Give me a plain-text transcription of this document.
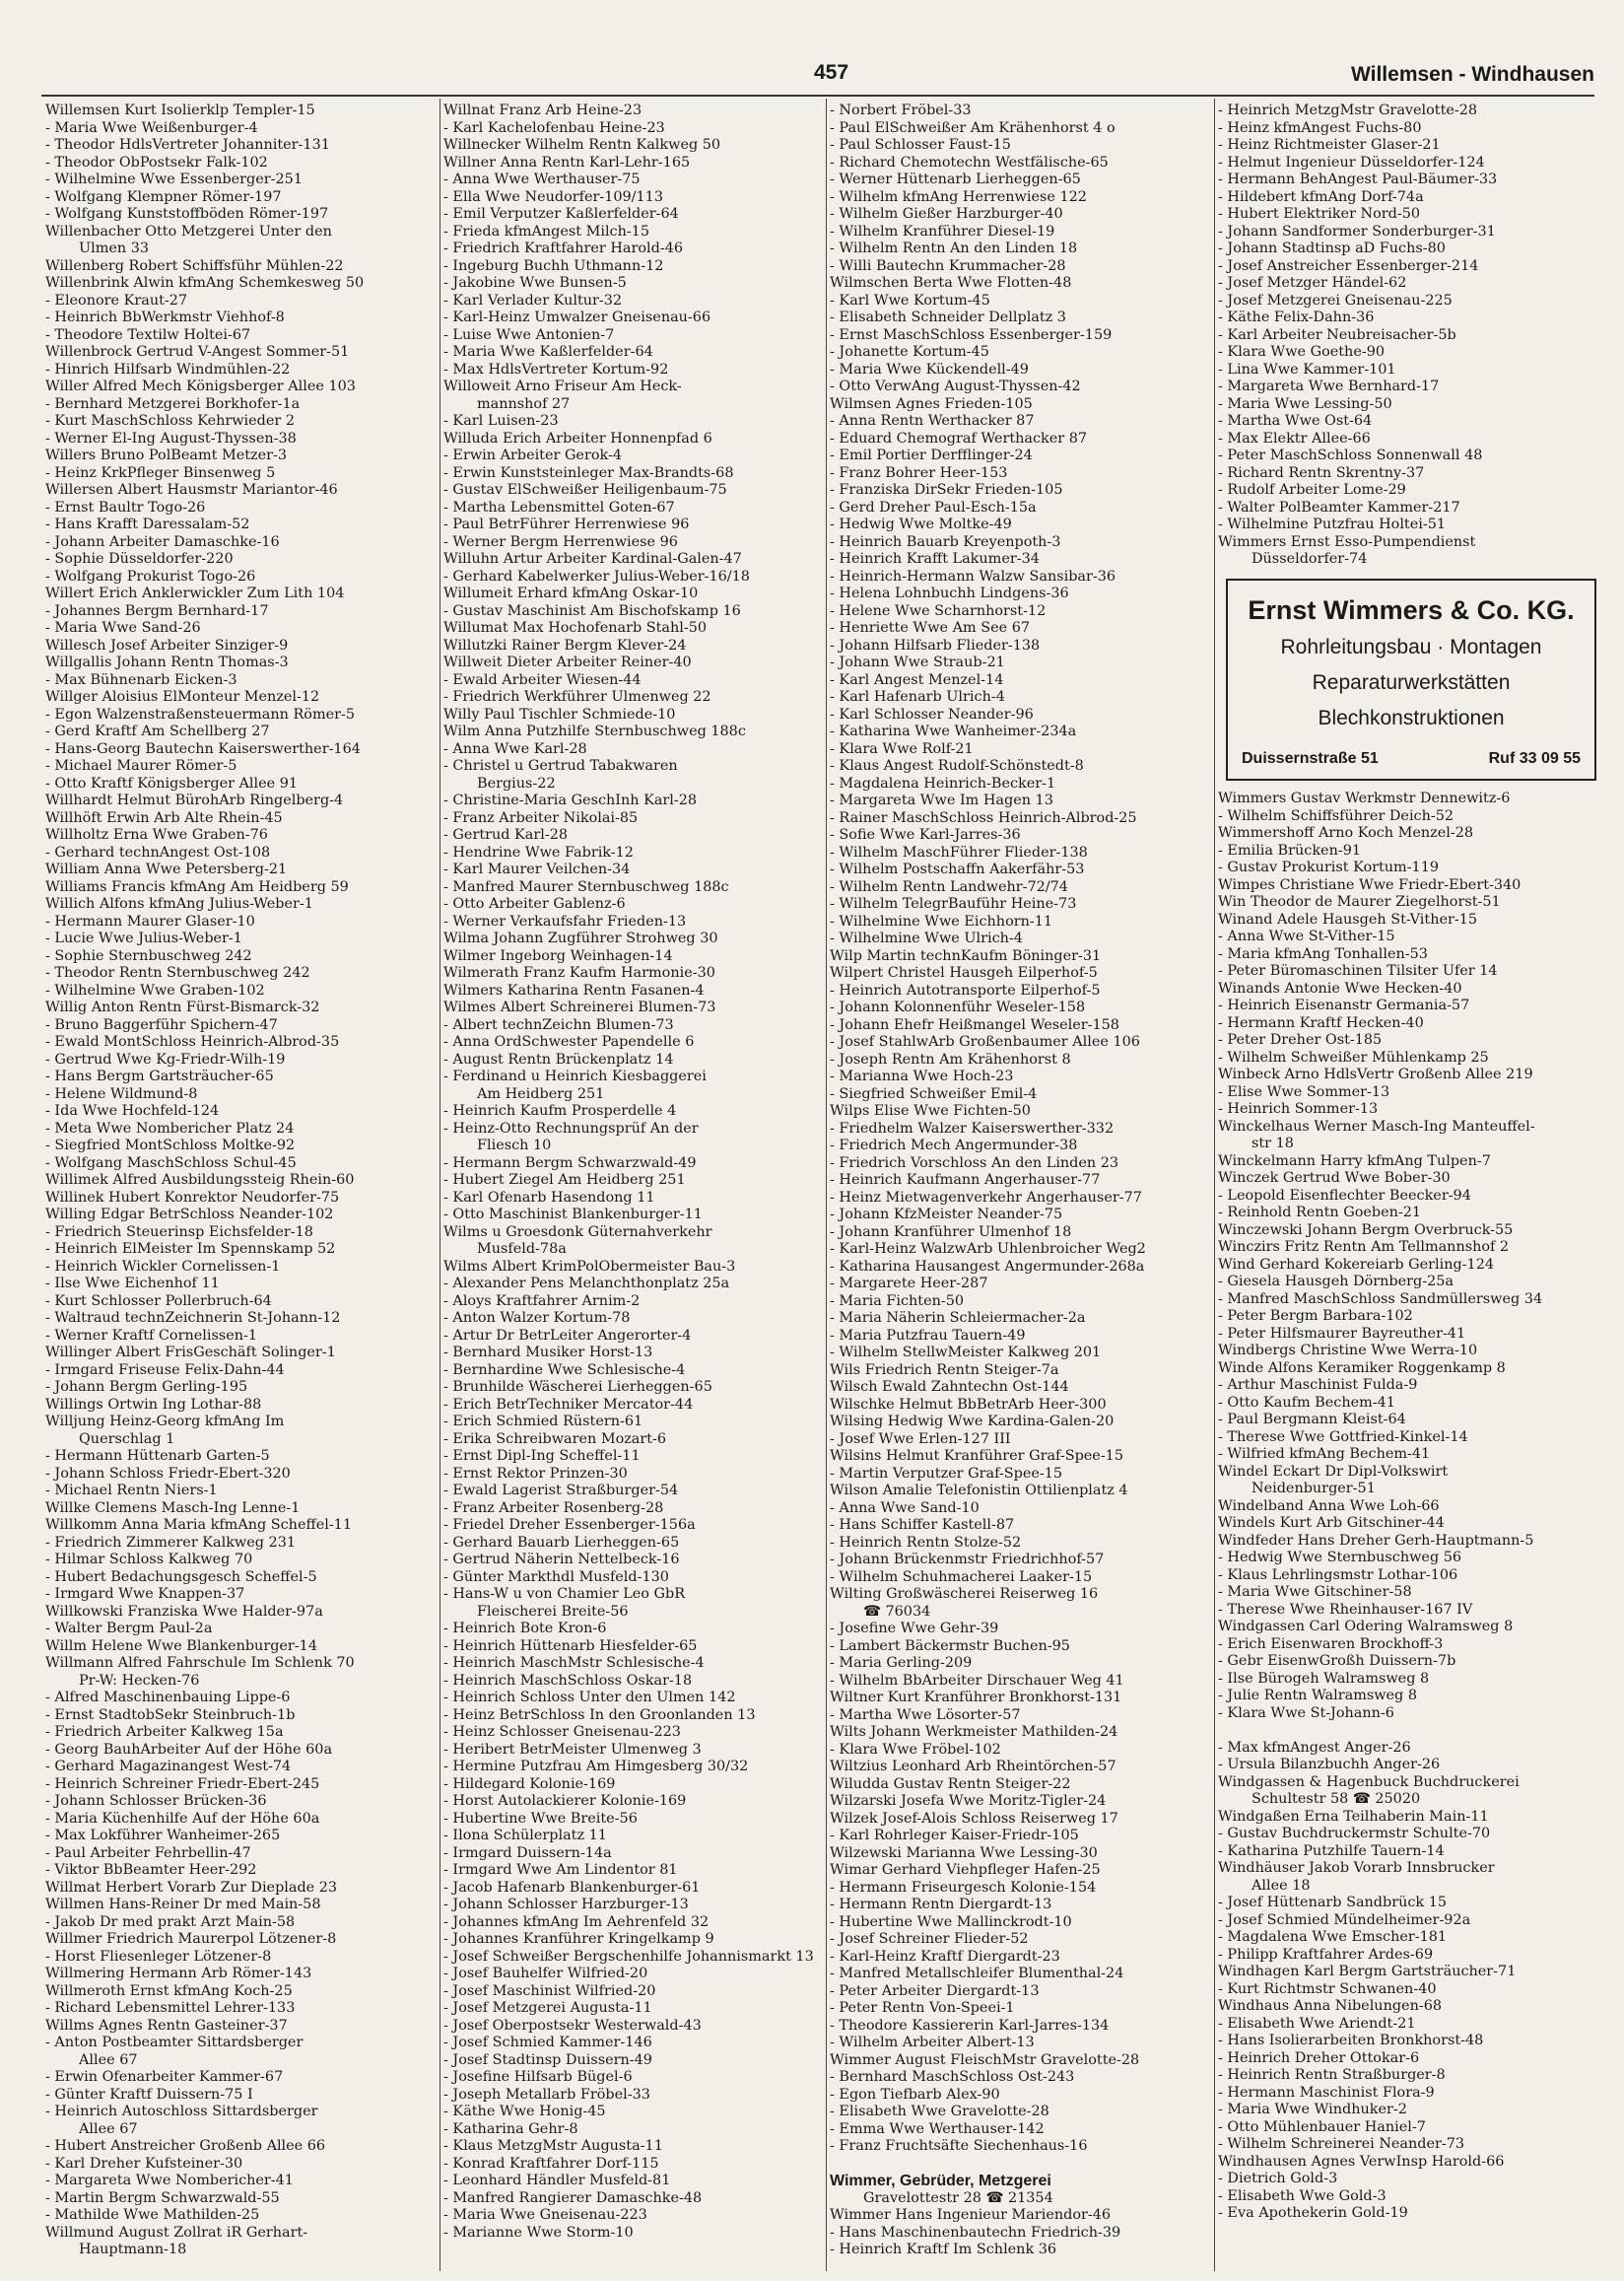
457	Willemsen - Windhausen
Willemsen Kurt Isolierklp Templer-15
- Maria Wwe Weißenburger-4
- Theodor HdlsVertreter Johanniter-131
- Theodor ObPostsekr Falk-102
- Wilhelmine Wwe Essenberger-251
- Wolfgang Klempner Römer-197
- Wolfgang Kunststoffböden Römer-197
Willenbacher Otto Metzgerei Unter den
Ulmen 33
Willenberg Robert Schiffsführ Mühlen-22
Willenbrink Alwin kfmAng Schemkesweg 50
- Eleonore Kraut-27
- Heinrich BbWerkmstr Viehhof-8
- Theodore Textilw Holtei-67
Willenbrock Gertrud V-Angest Sommer-51
- Hinrich Hilfsarb Windmühlen-22
Willer Alfred Mech Königsberger Allee 103
- Bernhard Metzgerei Borkhofer-1a
- Kurt MaschSchloss Kehrwieder 2
- Werner El-Ing August-Thyssen-38
Willers Bruno PolBeamt Metzer-3
- Heinz KrkPfleger Binsenweg 5
Willersen Albert Hausmstr Mariantor-46
- Ernst Baultr Togo-26
- Hans Krafft Daressalam-52
- Johann Arbeiter Damaschke-16
- Sophie Düsseldorfer-220
- Wolfgang Prokurist Togo-26
Willert Erich Anklerwickler Zum Lith 104
- Johannes Bergm Bernhard-17
- Maria Wwe Sand-26
Willesch Josef Arbeiter Sinziger-9
Willgallis Johann Rentn Thomas-3
- Max Bühnenarb Eicken-3
Willger Aloisius ElMonteur Menzel-12
- Egon Walzenstraßensteuermann Römer-5
- Gerd Kraftf Am Schellberg 27
- Hans-Georg Bautechn Kaiserswerther-164
- Michael Maurer Römer-5
- Otto Kraftf Königsberger Allee 91
Willhardt Helmut BürohArb Ringelberg-4
Willhöft Erwin Arb Alte Rhein-45
Willholtz Erna Wwe Graben-76
- Gerhard technAngest Ost-108
William Anna Wwe Petersberg-21
Williams Francis kfmAng Am Heidberg 59
Willich Alfons kfmAng Julius-Weber-1
- Hermann Maurer Glaser-10
- Lucie Wwe Julius-Weber-1
- Sophie Sternbuschweg 242
- Theodor Rentn Sternbuschweg 242
- Wilhelmine Wwe Graben-102
Willig Anton Rentn Fürst-Bismarck-32
- Bruno Baggerführ Spichern-47
- Ewald MontSchloss Heinrich-Albrod-35
- Gertrud Wwe Kg-Friedr-Wilh-19
- Hans Bergm Gartsträucher-65
- Helene Wildmund-8
- Ida Wwe Hochfeld-124
- Meta Wwe Nombericher Platz 24
- Siegfried MontSchloss Moltke-92
- Wolfgang MaschSchloss Schul-45
Willimek Alfred Ausbildungssteig Rhein-60
Willinek Hubert Konrektor Neudorfer-75
Willing Edgar BetrSchloss Neander-102
- Friedrich Steuerinsp Eichsfelder-18
- Heinrich ElMeister Im Spennskamp 52
- Heinrich Wickler Cornelissen-1
- Ilse Wwe Eichenhof 11
- Kurt Schlosser Pollerbruch-64
- Waltraud technZeichnerin St-Johann-12
- Werner Kraftf Cornelissen-1
Willinger Albert FrisGeschäft Solinger-1
- Irmgard Friseuse Felix-Dahn-44
- Johann Bergm Gerling-195
Willings Ortwin Ing Lothar-88
Willjung Heinz-Georg kfmAng Im
Querschlag 1
- Hermann Hüttenarb Garten-5
- Johann Schloss Friedr-Ebert-320
- Michael Rentn Niers-1
Willke Clemens Masch-Ing Lenne-1
Willkomm Anna Maria kfmAng Scheffel-11
- Friedrich Zimmerer Kalkweg 231
- Hilmar Schloss Kalkweg 70
- Hubert Bedachungsgesch Scheffel-5
- Irmgard Wwe Knappen-37
Willkowski Franziska Wwe Halder-97a
- Walter Bergm Paul-2a
Willm Helene Wwe Blankenburger-14
Willmann Alfred Fahrschule Im Schlenk 70
Pr-W: Hecken-76
- Alfred Maschinenbauing Lippe-6
- Ernst StadtobSekr Steinbruch-1b
- Friedrich Arbeiter Kalkweg 15a
- Georg BauhArbeiter Auf der Höhe 60a
- Gerhard Magazinangest West-74
- Heinrich Schreiner Friedr-Ebert-245
- Johann Schlosser Brücken-36
- Maria Küchenhilfe Auf der Höhe 60a
- Max Lokführer Wanheimer-265
- Paul Arbeiter Fehrbellin-47
- Viktor BbBeamter Heer-292
Willmat Herbert Vorarb Zur Dieplade 23
Willmen Hans-Reiner Dr med Main-58
- Jakob Dr med prakt Arzt Main-58
Willmer Friedrich Maurerpol Lötzener-8
- Horst Fliesenleger Lötzener-8
Willmering Hermann Arb Römer-143
Willmeroth Ernst kfmAng Koch-25
- Richard Lebensmittel Lehrer-133
Willms Agnes Rentn Gasteiner-37
- Anton Postbeamter Sittardsberger
Allee 67
- Erwin Ofenarbeiter Kammer-67
- Günter Kraftf Duissern-75 I
- Heinrich Autoschloss Sittardsberger
Allee 67
- Hubert Anstreicher Großenb Allee 66
- Karl Dreher Kufsteiner-30
- Margareta Wwe Nombericher-41
- Martin Bergm Schwarzwald-55
- Mathilde Wwe Mathilden-25
Willmund August Zollrat iR Gerhart-
Hauptmann-18
Willnat Franz Arb Heine-23
- Karl Kachelofenbau Heine-23
Willnecker Wilhelm Rentn Kalkweg 50
Willner Anna Rentn Karl-Lehr-165
- Anna Wwe Werthauser-75
- Ella Wwe Neudorfer-109/113
- Emil Verputzer Kaßlerfelder-64
- Frieda kfmAngest Milch-15
- Friedrich Kraftfahrer Harold-46
- Ingeburg Buchh Uthmann-12
- Jakobine Wwe Bunsen-5
- Karl Verlader Kultur-32
- Karl-Heinz Umwalzer Gneisenau-66
- Luise Wwe Antonien-7
- Maria Wwe Kaßlerfelder-64
- Max HdlsVertreter Kortum-92
Willoweit Arno Friseur Am Heck-
mannshof 27
- Karl Luisen-23
Willuda Erich Arbeiter Honnenpfad 6
- Erwin Arbeiter Gerok-4
- Erwin Kunststeinleger Max-Brandts-68
- Gustav ElSchweißer Heiligenbaum-75
- Martha Lebensmittel Goten-67
- Paul BetrFührer Herrenwiese 96
- Werner Bergm Herrenwiese 96
Willuhn Artur Arbeiter Kardinal-Galen-47
- Gerhard Kabelwerker Julius-Weber-16/18
Willumeit Erhard kfmAng Oskar-10
- Gustav Maschinist Am Bischofskamp 16
Willumat Max Hochofenarb Stahl-50
Willutzki Rainer Bergm Klever-24
Willweit Dieter Arbeiter Reiner-40
- Ewald Arbeiter Wiesen-44
- Friedrich Werkführer Ulmenweg 22
Willy Paul Tischler Schmiede-10
Wilm Anna Putzhilfe Sternbuschweg 188c
- Anna Wwe Karl-28
- Christel u Gertrud Tabakwaren
Bergius-22
- Christine-Maria GeschInh Karl-28
- Franz Arbeiter Nikolai-85
- Gertrud Karl-28
- Hendrine Wwe Fabrik-12
- Karl Maurer Veilchen-34
- Manfred Maurer Sternbuschweg 188c
- Otto Arbeiter Gablenz-6
- Werner Verkaufsfahr Frieden-13
Wilma Johann Zugführer Strohweg 30
Wilmer Ingeborg Weinhagen-14
Wilmerath Franz Kaufm Harmonie-30
Wilmers Katharina Rentn Fasanen-4
Wilmes Albert Schreinerei Blumen-73
- Albert technZeichn Blumen-73
- Anna OrdSchwester Papendelle 6
- August Rentn Brückenplatz 14
- Ferdinand u Heinrich Kiesbaggerei
Am Heidberg 251
- Heinrich Kaufm Prosperdelle 4
- Heinz-Otto Rechnungsprüf An der
Fliesch 10
- Hermann Bergm Schwarzwald-49
- Hubert Ziegel Am Heidberg 251
- Karl Ofenarb Hasendong 11
- Otto Maschinist Blankenburger-11
Wilms u Groesdonk Güternahverkehr
Musfeld-78a
Wilms Albert KrimPolObermeister Bau-3
- Alexander Pens Melanchthonplatz 25a
- Aloys Kraftfahrer Arnim-2
- Anton Walzer Kortum-78
- Artur Dr BetrLeiter Angerorter-4
- Bernhard Musiker Horst-13
- Bernhardine Wwe Schlesische-4
- Brunhilde Wäscherei Lierheggen-65
- Erich BetrTechniker Mercator-44
- Erich Schmied Rüstern-61
- Erika Schreibwaren Mozart-6
- Ernst Dipl-Ing Scheffel-11
- Ernst Rektor Prinzen-30
- Ewald Lagerist Straßburger-54
- Franz Arbeiter Rosenberg-28
- Friedel Dreher Essenberger-156a
- Gerhard Bauarb Lierheggen-65
- Gertrud Näherin Nettelbeck-16
- Günter Markthdl Musfeld-130
- Hans-W u von Chamier Leo GbR
Fleischerei Breite-56
- Heinrich Bote Kron-6
- Heinrich Hüttenarb Hiesfelder-65
- Heinrich MaschMstr Schlesische-4
- Heinrich MaschSchloss Oskar-18
- Heinrich Schloss Unter den Ulmen 142
- Heinz BetrSchloss In den Groonlanden 13
- Heinz Schlosser Gneisenau-223
- Heribert BetrMeister Ulmenweg 3
- Hermine Putzfrau Am Himgesberg 30/32
- Hildegard Kolonie-169
- Horst Autolackierer Kolonie-169
- Hubertine Wwe Breite-56
- Ilona Schülerplatz 11
- Irmgard Duissern-14a
- Irmgard Wwe Am Lindentor 81
- Jacob Hafenarb Blankenburger-61
- Johann Schlosser Harzburger-13
- Johannes kfmAng Im Aehrenfeld 32
- Johannes Kranführer Kringelkamp 9
- Josef Schweißer Bergschenhilfe Johannismarkt 13
- Josef Bauhelfer Wilfried-20
- Josef Maschinist Wilfried-20
- Josef Metzgerei Augusta-11
- Josef Oberpostsekr Westerwald-43
- Josef Schmied Kammer-146
- Josef Stadtinsp Duissern-49
- Josefine Hilfsarb Bügel-6
- Joseph Metallarb Fröbel-33
- Käthe Wwe Honig-45
- Katharina Gehr-8
- Klaus MetzgMstr Augusta-11
- Konrad Kraftfahrer Dorf-115
- Leonhard Händler Musfeld-81
- Manfred Rangierer Damaschke-48
- Maria Wwe Gneisenau-223
- Marianne Wwe Storm-10
- Norbert Fröbel-33
- Paul ElSchweißer Am Krähenhorst 4 o
- Paul Schlosser Faust-15
- Richard Chemotechn Westfälische-65
- Werner Hüttenarb Lierheggen-65
- Wilhelm kfmAng Herrenwiese 122
- Wilhelm Gießer Harzburger-40
- Wilhelm Kranführer Diesel-19
- Wilhelm Rentn An den Linden 18
- Willi Bautechn Krummacher-28
Wilmschen Berta Wwe Flotten-48
- Karl Wwe Kortum-45
- Elisabeth Schneider Dellplatz 3
- Ernst MaschSchloss Essenberger-159
- Johanette Kortum-45
- Maria Wwe Kückendell-49
- Otto VerwAng August-Thyssen-42
Wilmsen Agnes Frieden-105
- Anna Rentn Werthacker 87
- Eduard Chemograf Werthacker 87
- Emil Portier Derfflinger-24
- Franz Bohrer Heer-153
- Franziska DirSekr Frieden-105
- Gerd Dreher Paul-Esch-15a
- Hedwig Wwe Moltke-49
- Heinrich Bauarb Kreyenpoth-3
- Heinrich Krafft Lakumer-34
- Heinrich-Hermann Walzw Sansibar-36
- Helena Lohnbuchh Lindgens-36
- Helene Wwe Scharnhorst-12
- Henriette Wwe Am See 67
- Johann Hilfsarb Flieder-138
- Johann Wwe Straub-21
- Karl Angest Menzel-14
- Karl Hafenarb Ulrich-4
- Karl Schlosser Neander-96
- Katharina Wwe Wanheimer-234a
- Klara Wwe Rolf-21
- Klaus Angest Rudolf-Schönstedt-8
- Magdalena Heinrich-Becker-1
- Margareta Wwe Im Hagen 13
- Rainer MaschSchloss Heinrich-Albrod-25
- Sofie Wwe Karl-Jarres-36
- Wilhelm MaschFührer Flieder-138
- Wilhelm Postschaffn Aakerfähr-53
- Wilhelm Rentn Landwehr-72/74
- Wilhelm TelegrBauführ Heine-73
- Wilhelmine Wwe Eichhorn-11
- Wilhelmine Wwe Ulrich-4
Wilp Martin technKaufm Böninger-31
Wilpert Christel Hausgeh Eilperhof-5
- Heinrich Autotransporte Eilperhof-5
- Johann Kolonnenführ Weseler-158
- Johann Ehefr Heißmangel Weseler-158
- Josef StahlwArb Großenbaumer Allee 106
- Joseph Rentn Am Krähenhorst 8
- Marianna Wwe Hoch-23
- Siegfried Schweißer Emil-4
Wilps Elise Wwe Fichten-50
- Friedhelm Walzer Kaiserswerther-332
- Friedrich Mech Angermunder-38
- Friedrich Vorschloss An den Linden 23
- Heinrich Kaufmann Angerhauser-77
- Heinz Mietwagenverkehr Angerhauser-77
- Johann KfzMeister Neander-75
- Johann Kranführer Ulmenhof 18
- Karl-Heinz WalzwArb Uhlenbroicher Weg2
- Katharina Hausangest Angermunder-268a
- Margarete Heer-287
- Maria Fichten-50
- Maria Näherin Schleiermacher-2a
- Maria Putzfrau Tauern-49
- Wilhelm StellwMeister Kalkweg 201
Wils Friedrich Rentn Steiger-7a
Wilsch Ewald Zahntechn Ost-144
Wilschke Helmut BbBetrArb Heer-300
Wilsing Hedwig Wwe Kardina-Galen-20
- Josef Wwe Erlen-127 III
Wilsins Helmut Kranführer Graf-Spee-15
- Martin Verputzer Graf-Spee-15
Wilson Amalie Telefonistin Ottilienplatz 4
- Anna Wwe Sand-10
- Hans Schiffer Kastell-87
- Heinrich Rentn Stolze-52
- Johann Brückenmstr Friedrichhof-57
- Wilhelm Schuhmacherei Laaker-15
Wilting Großwäscherei Reiserweg 16
☎ 76034
- Josefine Wwe Gehr-39
- Lambert Bäckermstr Buchen-95
- Maria Gerling-209
- Wilhelm BbArbeiter Dirschauer Weg 41
Wiltner Kurt Kranführer Bronkhorst-131
- Martha Wwe Lösorter-57
Wilts Johann Werkmeister Mathilden-24
- Klara Wwe Fröbel-102
Wiltzius Leonhard Arb Rheintörchen-57
Wiludda Gustav Rentn Steiger-22
Wilzarski Josefa Wwe Moritz-Tigler-24
Wilzek Josef-Alois Schloss Reiserweg 17
- Karl Rohrleger Kaiser-Friedr-105
Wilzewski Marianna Wwe Lessing-30
Wimar Gerhard Viehpfleger Hafen-25
- Hermann Friseurgesch Kolonie-154
- Hermann Rentn Diergardt-13
- Hubertine Wwe Mallinckrodt-10
- Josef Schreiner Flieder-52
- Karl-Heinz Kraftf Diergardt-23
- Manfred Metallschleifer Blumenthal-24
- Peter Arbeiter Diergardt-13
- Peter Rentn Von-Speei-1
- Theodore Kassiererin Karl-Jarres-134
- Wilhelm Arbeiter Albert-13
Wimmer August FleischMstr Gravelotte-28
- Bernhard MaschSchloss Ost-243
- Egon Tiefbarb Alex-90
- Elisabeth Wwe Gravelotte-28
- Emma Wwe Werthauser-142
- Franz Fruchtsäfte Siechenhaus-16

Wimmer, Gebrüder, Metzgerei
Gravelottestr 28 ☎ 21354
Wimmer Hans Ingenieur Mariendor-46
- Hans Maschinenbautechn Friedrich-39
- Heinrich Kraftf Im Schlenk 36
- Heinrich MetzgMstr Gravelotte-28
- Heinz kfmAngest Fuchs-80
- Heinz Richtmeister Glaser-21
- Helmut Ingenieur Düsseldorfer-124
- Hermann BehAngest Paul-Bäumer-33
- Hildebert kfmAng Dorf-74a
- Hubert Elektriker Nord-50
- Johann Sandformer Sonderburger-31
- Johann Stadtinsp aD Fuchs-80
- Josef Anstreicher Essenberger-214
- Josef Metzger Händel-62
- Josef Metzgerei Gneisenau-225
- Käthe Felix-Dahn-36
- Karl Arbeiter Neubreisacher-5b
- Klara Wwe Goethe-90
- Lina Wwe Kammer-101
- Margareta Wwe Bernhard-17
- Maria Wwe Lessing-50
- Martha Wwe Ost-64
- Max Elektr Allee-66
- Peter MaschSchloss Sonnenwall 48
- Richard Rentn Skrentny-37
- Rudolf Arbeiter Lome-29
- Walter PolBeamter Kammer-217
- Wilhelmine Putzfrau Holtei-51
Wimmers Ernst Esso-Pumpendienst
Düsseldorfer-74
Ernst Wimmers & Co. KG.
Rohrleitungsbau · Montagen
Reparaturwerkstätten
Blechkonstruktionen
Duissernstraße 51	Ruf 33 09 55
Wimmers Gustav Werkmstr Dennewitz-6
- Wilhelm Schiffsführer Deich-52
Wimmershoff Arno Koch Menzel-28
- Emilia Brücken-91
- Gustav Prokurist Kortum-119
Wimpes Christiane Wwe Friedr-Ebert-340
Win Theodor de Maurer Ziegelhorst-51
Winand Adele Hausgeh St-Vither-15
- Anna Wwe St-Vither-15
- Maria kfmAng Tonhallen-53
- Peter Büromaschinen Tilsiter Ufer 14
Winands Antonie Wwe Hecken-40
- Heinrich Eisenanstr Germania-57
- Hermann Kraftf Hecken-40
- Peter Dreher Ost-185
- Wilhelm Schweißer Mühlenkamp 25
Winbeck Arno HdlsVertr Großenb Allee 219
- Elise Wwe Sommer-13
- Heinrich Sommer-13
Winckelhaus Werner Masch-Ing Manteuffel-
str 18
Winckelmann Harry kfmAng Tulpen-7
Winczek Gertrud Wwe Bober-30
- Leopold Eisenflechter Beecker-94
- Reinhold Rentn Goeben-21
Winczewski Johann Bergm Overbruck-55
Winczirs Fritz Rentn Am Tellmannshof 2
Wind Gerhard Kokereiarb Gerling-124
- Giesela Hausgeh Dörnberg-25a
- Manfred MaschSchloss Sandmüllersweg 34
- Peter Bergm Barbara-102
- Peter Hilfsmaurer Bayreuther-41
Windbergs Christine Wwe Werra-10
Winde Alfons Keramiker Roggenkamp 8
- Arthur Maschinist Fulda-9
- Otto Kaufm Bechem-41
- Paul Bergmann Kleist-64
- Therese Wwe Gottfried-Kinkel-14
- Wilfried kfmAng Bechem-41
Windel Eckart Dr Dipl-Volkswirt
Neidenburger-51
Windelband Anna Wwe Loh-66
Windels Kurt Arb Gitschiner-44
Windfeder Hans Dreher Gerh-Hauptmann-5
- Hedwig Wwe Sternbuschweg 56
- Klaus Lehrlingsmstr Lothar-106
- Maria Wwe Gitschiner-58
- Therese Wwe Rheinhauser-167 IV
Windgassen Carl Odering Walramsweg 8
- Erich Eisenwaren Brockhoff-3
- Gebr EisenwGroßh Duissern-7b
- Ilse Bürogeh Walramsweg 8
- Julie Rentn Walramsweg 8
- Klara Wwe St-Johann-6

- Max kfmAngest Anger-26
- Ursula Bilanzbuchh Anger-26
Windgassen & Hagenbuck Buchdruckerei
Schultestr 58 ☎ 25020
Windgaßen Erna Teilhaberin Main-11
- Gustav Buchdruckermstr Schulte-70
- Katharina Putzhilfe Tauern-14
Windhäuser Jakob Vorarb Innsbrucker
Allee 18
- Josef Hüttenarb Sandbrück 15
- Josef Schmied Mündelheimer-92a
- Magdalena Wwe Emscher-181
- Philipp Kraftfahrer Ardes-69
Windhagen Karl Bergm Gartsträucher-71
- Kurt Richtmstr Schwanen-40
Windhaus Anna Nibelungen-68
- Elisabeth Wwe Ariendt-21
- Hans Isolierarbeiten Bronkhorst-48
- Heinrich Dreher Ottokar-6
- Heinrich Rentn Straßburger-8
- Hermann Maschinist Flora-9
- Maria Wwe Windhuker-2
- Otto Mühlenbauer Haniel-7
- Wilhelm Schreinerei Neander-73
Windhausen Agnes VerwInsp Harold-66
- Dietrich Gold-3
- Elisabeth Wwe Gold-3
- Eva Apothekerin Gold-19
